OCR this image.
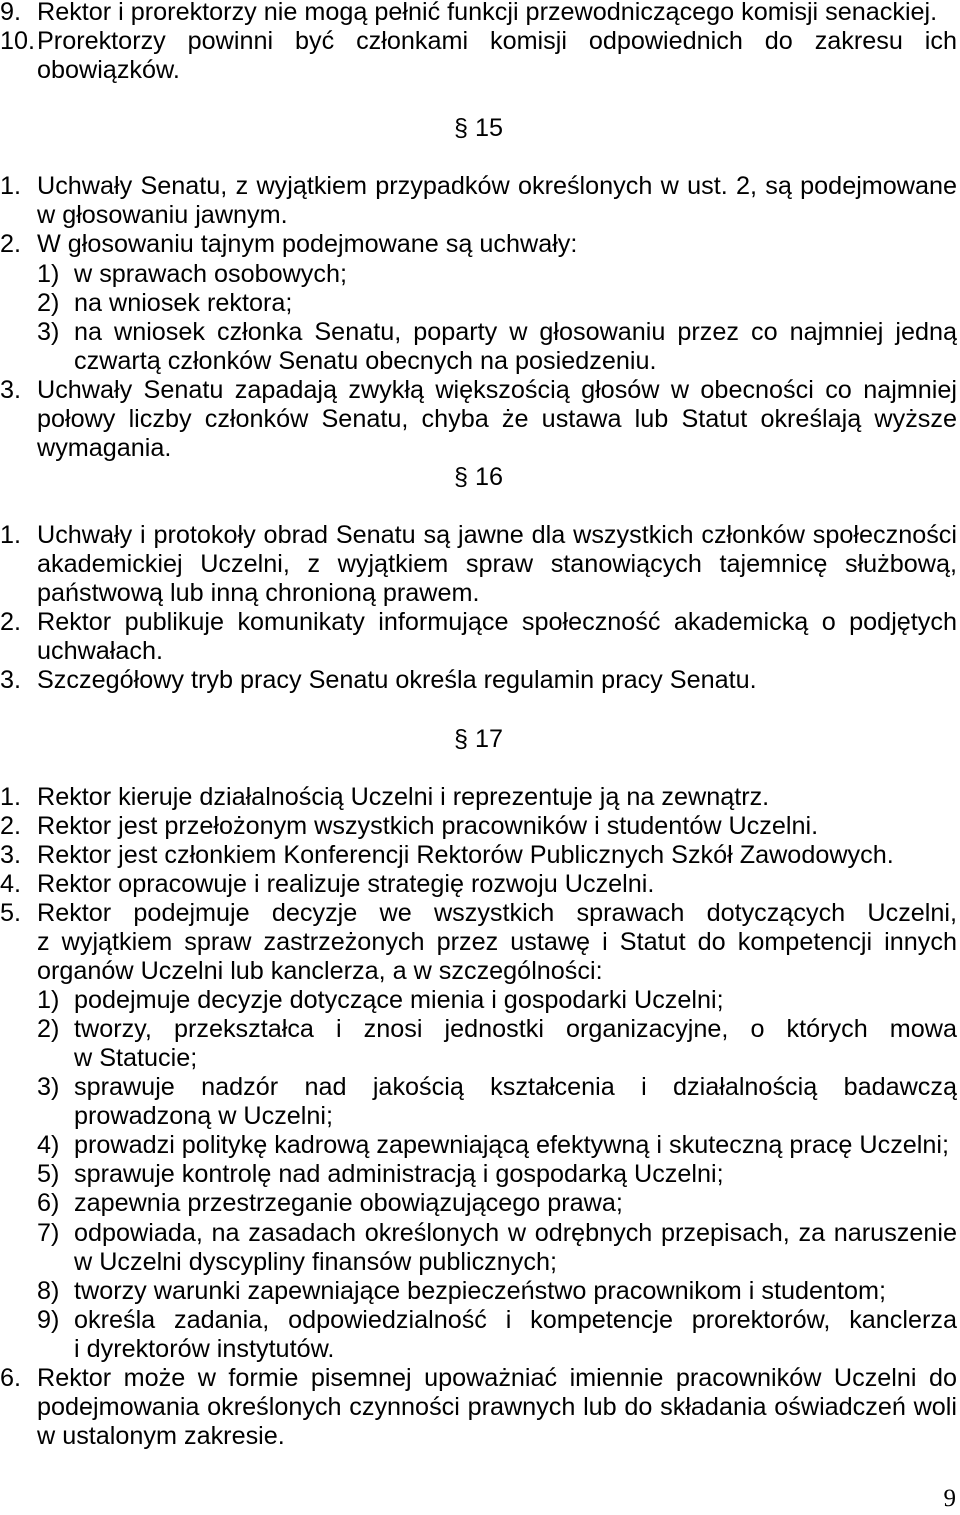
9. Rektor i prorektorzy nie mogą pełnić funkcji przewodniczącego komisji senackiej.
10. Prorektorzy powinni być członkami komisji odpowiednich do zakresu ich
obowiązków.
§ 15
1. Uchwały Senatu, z wyjątkiem przypadków określonych w ust. 2, są podejmowane
w głosowaniu jawnym.
2. W głosowaniu tajnym podejmowane są uchwały:
1) w sprawach osobowych;
2) na wniosek rektora;
3) na wniosek członka Senatu, poparty w głosowaniu przez co najmniej jedną
czwartą członków Senatu obecnych na posiedzeniu.
3. Uchwały Senatu zapadają zwykłą większością głosów w obecności co najmniej
połowy liczby członków Senatu, chyba że ustawa lub Statut określają wyższe
wymagania.
§ 16
1. Uchwały i protokoły obrad Senatu są jawne dla wszystkich członków społeczności
akademickiej Uczelni, z wyjątkiem spraw stanowiących tajemnicę służbową,
państwową lub inną chronioną prawem.
2. Rektor publikuje komunikaty informujące społeczność akademicką o podjętych
uchwałach.
3. Szczegółowy tryb pracy Senatu określa regulamin pracy Senatu.
§ 17
1. Rektor kieruje działalnością Uczelni i reprezentuje ją na zewnątrz.
2. Rektor jest przełożonym wszystkich pracowników i studentów Uczelni.
3. Rektor jest członkiem Konferencji Rektorów Publicznych Szkół Zawodowych.
4. Rektor opracowuje i realizuje strategię rozwoju Uczelni.
5. Rektor podejmuje decyzje we wszystkich sprawach dotyczących Uczelni,
z wyjątkiem spraw zastrzeżonych przez ustawę i Statut do kompetencji innych
organów Uczelni lub kanclerza, a w szczególności:
1) podejmuje decyzje dotyczące mienia i gospodarki Uczelni;
2) tworzy, przekształca i znosi jednostki organizacyjne, o których mowa
w Statucie;
3) sprawuje nadzór nad jakością kształcenia i działalnością badawczą
prowadzoną w Uczelni;
4) prowadzi politykę kadrową zapewniającą efektywną i skuteczną pracę Uczelni;
5) sprawuje kontrolę nad administracją i gospodarką Uczelni;
6) zapewnia przestrzeganie obowiązującego prawa;
7) odpowiada, na zasadach określonych w odrębnych przepisach, za naruszenie
w Uczelni dyscypliny finansów publicznych;
8) tworzy warunki zapewniające bezpieczeństwo pracownikom i studentom;
9) określa zadania, odpowiedzialność i kompetencje prorektorów, kanclerza
i dyrektorów instytutów.
6. Rektor może w formie pisemnej upoważniać imiennie pracowników Uczelni do
podejmowania określonych czynności prawnych lub do składania oświadczeń woli
w ustalonym zakresie.
9
